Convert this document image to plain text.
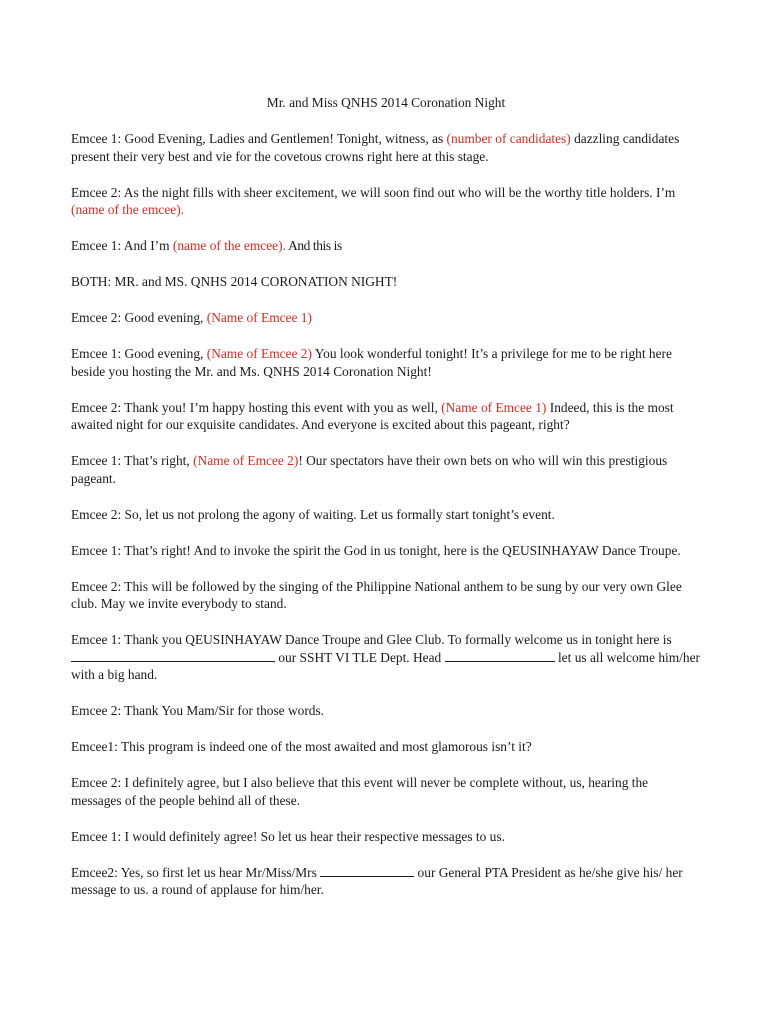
Mr. and Miss QNHS 2014 Coronation Night

Emcee 1: Good Evening, Ladies and Gentlemen! Tonight, witness, as (number of candidates) dazzling candidates present their very best and vie for the covetous crowns right here at this stage.

Emcee 2: As the night fills with sheer excitement, we will soon find out who will be the worthy title holders. I’m (name of the emcee).

Emcee 1: And I’m (name of the emcee). And this is

BOTH: MR. and MS. QNHS 2014 CORONATION NIGHT!

Emcee 2: Good evening, (Name of Emcee 1)

Emcee 1: Good evening, (Name of Emcee 2) You look wonderful tonight! It’s a privilege for me to be right here beside you hosting the Mr. and Ms. QNHS 2014 Coronation Night!

Emcee 2: Thank you! I’m happy hosting this event with you as well, (Name of Emcee 1) Indeed, this is the most awaited night for our exquisite candidates. And everyone is excited about this pageant, right?

Emcee 1: That’s right, (Name of Emcee 2)! Our spectators have their own bets on who will win this prestigious pageant.

Emcee 2: So, let us not prolong the agony of waiting. Let us formally start tonight’s event.

Emcee 1: That’s right! And to invoke the spirit the God in us tonight, here is the QEUSINHAYAW Dance Troupe.

Emcee 2: This will be followed by the singing of the Philippine National anthem to be sung by our very own Glee club. May we invite everybody to stand.

Emcee 1: Thank you QEUSINHAYAW Dance Troupe and Glee Club. To formally welcome us in tonight here is  our SSHT VI TLE Dept. Head	let us all welcome him/her with a big hand.

Emcee 2: Thank You Mam/Sir for those words.

Emcee1: This program is indeed one of the most awaited and most glamorous isn’t it?

Emcee 2: I definitely agree, but I also believe that this event will never be complete without, us, hearing the messages of the people behind all of these.

Emcee 1: I would definitely agree! So let us hear their respective messages to us.

Emcee2: Yes, so first let us hear Mr/Miss/Mrs	our General PTA President as he/she give his/ her message to us. a round of applause for him/her.
